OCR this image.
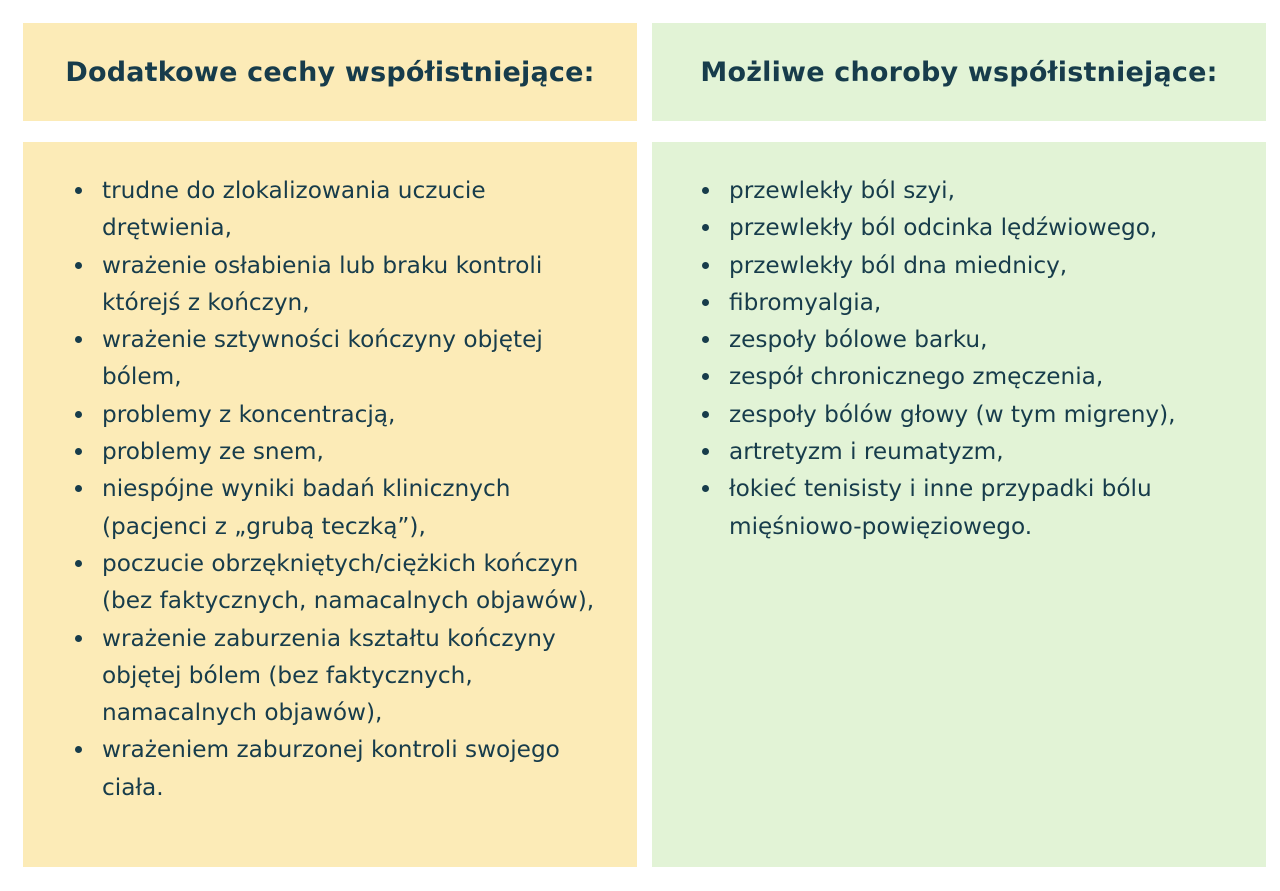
Dodatkowe cechy współistniejące:	Możliwe choroby współistniejące:
trudne do zlokalizowania uczucie drętwienia,
wrażenie osłabienia lub braku kontroli którejś z kończyn,
wrażenie sztywności kończyny objętej bólem,
problemy z koncentracją,
problemy ze snem,
niespójne wyniki badań klinicznych (pacjenci z „grubą teczką”),
poczucie obrzękniętych/ciężkich kończyn (bez faktycznych, namacalnych objawów),
wrażenie zaburzenia kształtu kończyny objętej bólem (bez faktycznych, namacalnych objawów),
wrażeniem zaburzonej kontroli swojego ciała.
przewlekły ból szyi,
przewlekły ból odcinka lędźwiowego,
przewlekły ból dna miednicy,
fibromyalgia,
zespoły bólowe barku,
zespół chronicznego zmęczenia,
zespoły bólów głowy (w tym migreny),
artretyzm i reumatyzm,
łokieć tenisisty i inne przypadki bólu mięśniowo-powięziowego.
